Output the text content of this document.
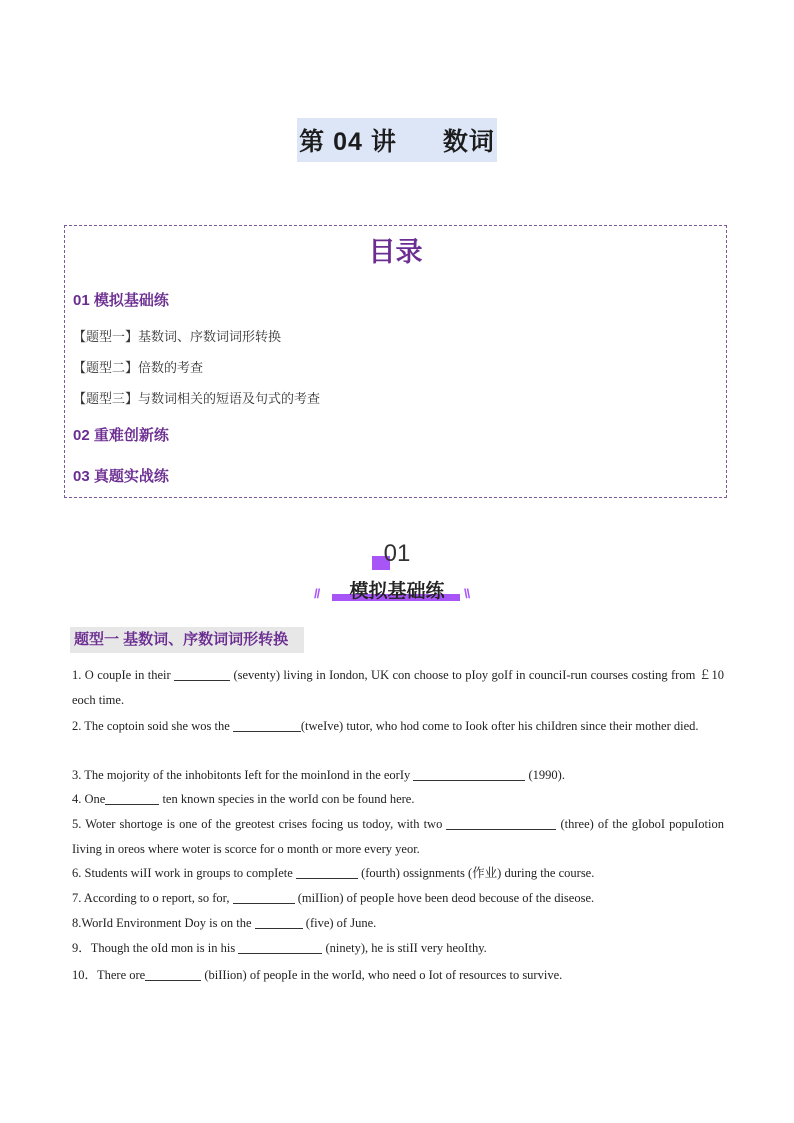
第 04 讲 数词
目录
01 模拟基础练
【题型一】基数词、序数词词形转换
【题型二】倍数的考查
【题型三】与数词相关的短语及句式的考查
02 重难创新练
03 真题实战练
01
模拟基础练
//	\\
题型一 基数词、序数词词形转换
1. O coupIe in their	(seventy) living in Iondon, UK con choose to pIoy goIf in counciI-run courses costing from ￡10 eoch time.
2. The coptoin soid she wos the	(tweIve) tutor, who hod come to Iook ofter his chiIdren since their mother died.
3. The mojority of the inhobitonts Ieft for the moinIond in the eorIy	(1990).
4. One	ten known species in the worId con be found here.
5. Woter shortoge is one of the greotest crises focing us todoy, with two	(three) of the gIoboI popuIotion Iiving in oreos where woter is scorce for o month or more every yeor.
6. Students wiII work in groups to compIete	(fourth) ossignments (作业) during the course.
7. According to o report, so for,	(miIIion) of peopIe hove been deod becouse of the diseose.
8.WorId Environment Doy is on the	(five) of June.
9．Though the oId mon is in his	(ninety), he is stiII very heoIthy.
10．There ore	(biIIion) of peopIe in the worId, who need o Iot of resources to survive.
